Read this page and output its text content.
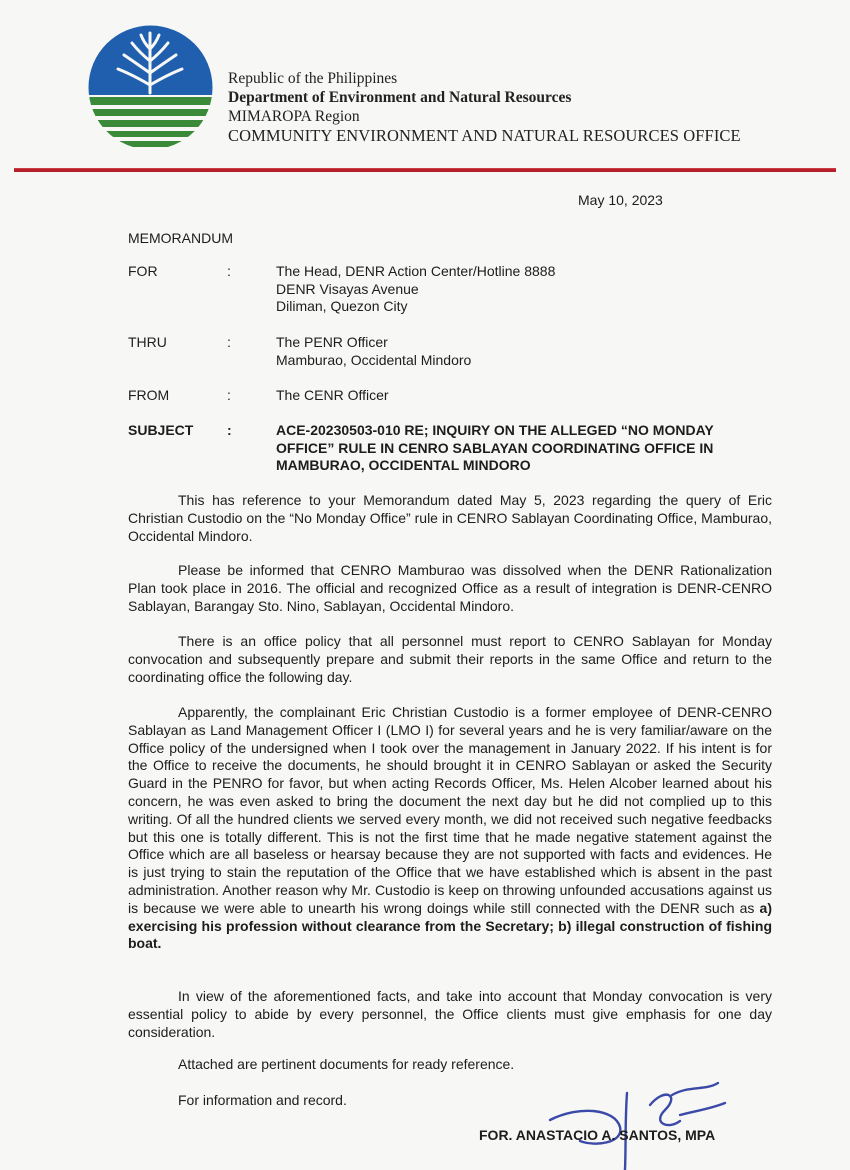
Republic of the Philippines
Department of Environment and Natural Resources
MIMAROPA Region
COMMUNITY ENVIRONMENT AND NATURAL RESOURCES OFFICE
May 10, 2023
MEMORANDUM
FOR	:	The Head, DENR Action Center/Hotline 8888
DENR Visayas Avenue
Diliman, Quezon City
THRU	:	The PENR Officer
Mamburao, Occidental Mindoro
FROM	:	The CENR Officer
SUBJECT	:	ACE-20230503-010 RE; INQUIRY ON THE ALLEGED “NO MONDAY
OFFICE” RULE IN CENRO SABLAYAN COORDINATING OFFICE IN
MAMBURAO, OCCIDENTAL MINDORO

This has reference to your Memorandum dated May 5, 2023 regarding the query of Eric Christian Custodio on the “No Monday Office” rule in CENRO Sablayan Coordinating Office, Mamburao, Occidental Mindoro.

Please be informed that CENRO Mamburao was dissolved when the DENR Rationalization Plan took place in 2016. The official and recognized Office as a result of integration is DENR-CENRO Sablayan, Barangay Sto. Nino, Sablayan, Occidental Mindoro.

There is an office policy that all personnel must report to CENRO Sablayan for Monday convocation and subsequently prepare and submit their reports in the same Office and return to the coordinating office the following day.

Apparently, the complainant Eric Christian Custodio is a former employee of DENR-CENRO Sablayan as Land Management Officer I (LMO I) for several years and he is very familiar/aware on the Office policy of the undersigned when I took over the management in January 2022. If his intent is for the Office to receive the documents, he should brought it in CENRO Sablayan or asked the Security Guard in the PENRO for favor, but when acting Records Officer, Ms. Helen Alcober learned about his concern, he was even asked to bring the document the next day but he did not complied up to this writing. Of all the hundred clients we served every month, we did not received such negative feedbacks but this one is totally different. This is not the first time that he made negative statement against the Office which are all baseless or hearsay because they are not supported with facts and evidences. He is just trying to stain the reputation of the Office that we have established which is absent in the past administration. Another reason why Mr. Custodio is keep on throwing unfounded accusations against us is because we were able to unearth his wrong doings while still connected with the DENR such as a) exercising his profession without clearance from the Secretary; b) illegal construction of fishing boat.

In view of the aforementioned facts, and take into account that Monday convocation is very essential policy to abide by every personnel, the Office clients must give emphasis for one day consideration.

Attached are pertinent documents for ready reference.
For information and record.
FOR. ANASTACIO A. SANTOS, MPA
